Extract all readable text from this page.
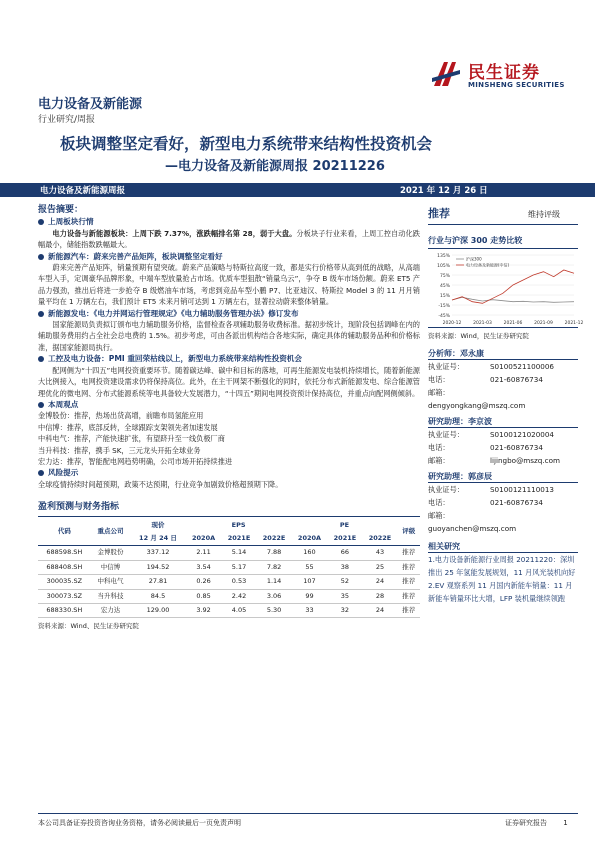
民生证券
MINSHENG SECURITIES
电力设备及新能源
行业研究/周报
板块调整坚定看好，新型电力系统带来结构性投资机会
—电力设备及新能源周报 20211226
电力设备及新能源周报	2021 年 12 月 26 日
报告摘要：
上周板块行情
电力设备与新能源板块：上周下跌 7.37%，涨跌幅排名第 28，弱于大盘。分板块子行业来看，上周工控自动化跌幅最小，储能指数跌幅最大。
新能源汽车：蔚来完善产品矩阵，板块调整坚定看好
蔚来完善产品矩阵，销量预期有望突破。蔚来产品策略与特斯拉高度一致，都是实行价格带从高到低的战略，从高端车型入手，定调豪华品牌形象，中端车型放量抢占市场。优质车型狙散“销量乌云”，争夺 B 级车市场份额。蔚来 ET5 产品力强劲，推出后将进一步抢夺 B 级燃油车市场，考虑到竞品车型小鹏 P7、比亚迪汉、特斯拉 Model 3 的 11 月月销量平均在 1 万辆左右，我们预计 ET5 未来月销可达到 1 万辆左右，显著拉动蔚来整体销量。
新能源发电：《电力并网运行管理规定》《电力辅助服务管理办法》修订发布
国家能源局负责拟订颁布电力辅助服务价格，监督检查各项辅助服务收费标准。据初步统计，现阶段包括调峰在内的辅助服务费用约占全社会总电费的 1.5%。初步考虑，可由各派出机构结合各地实际，确定具体的辅助服务品种和价格标准，据国家能源局执行。
工控及电力设备：PMI 重回荣枯线以上，新型电力系统带来结构性投资机会
配网侧为“十四五”电网投资重要环节。随着碳达峰、碳中和目标的落地，可再生能源发电装机持续增长，随着新能源大比例接入，电网投资建设需求仍将保持高位。此外，在主干网架不断强化的同时，依托分布式新能源发电、综合能源管理优化的微电网、分布式能源系统等电具备较大发展潜力，“十四五”期间电网投资预计保持高位，并重点向配网侧倾斜。
本周观点
金博股份：推荐，热场出货高增，前瞻布局氢能应用
中信博：推荐，底部反转，全球跟踪支架领先者加速发展
中科电气：推荐，产能快速扩张，有望跻升至一线负极厂商
当升科技：推荐，携手 SK，三元龙头开拓全球业务
宏力达：推荐，智能配电网趋势明确，公司市场开拓持续推进
风险提示
全球疫情持续时间超预期，政策不达预期，行业竞争加剧致价格超预期下降。
盈利预测与财务指标
代码	重点公司	现价	EPS			PE			评级
		12 月 24 日	2020A	2021E	2022E	2020A	2021E	2022E	
688598.SH	金博股份	337.12	2.11	5.14	7.88	160	66	43	推荐
688408.SH	中信博	194.52	3.54	5.17	7.82	55	38	25	推荐
300035.SZ	中科电气	27.81	0.26	0.53	1.14	107	52	24	推荐
300073.SZ	当升科技	84.5	0.85	2.42	3.06	99	35	28	推荐
688330.SH	宏力达	129.00	3.92	4.05	5.30	33	32	24	推荐
资料来源：Wind、民生证券研究院
推荐	维持评级
行业与沪深 300 走势比较
135%
105%
75%
45%
15%
-15%
-45%
2020-12	2021-03	2021-06	2021-09	2021-12
沪深300
电力设备及新能源(中信)
资料来源：Wind，民生证券研究院
分析师：邓永康
执业证号：	S0100521100006
电话：	021-60876734
邮箱：dengyongkang@mszq.com
研究助理：李京波
执业证号：	S0100121020004
电话：	021-60876734
邮箱：	lijingbo@mszq.com
研究助理：郭彦辰
执业证号：	S0100121110013
电话：	021-60876734
邮箱：guoyanchen@mszq.com
相关研究
1.电力设备新能源行业周报 20211220：深圳推出 25 年氢能发展规划，11 月风光装机向好
2.EV 观察系列 11 月国内新能车销量：11 月新能车销量环比大增，LFP 装机量继续领跑
本公司具备证券投资咨询业务资格，请务必阅读最后一页免责声明	证券研究报告 1
